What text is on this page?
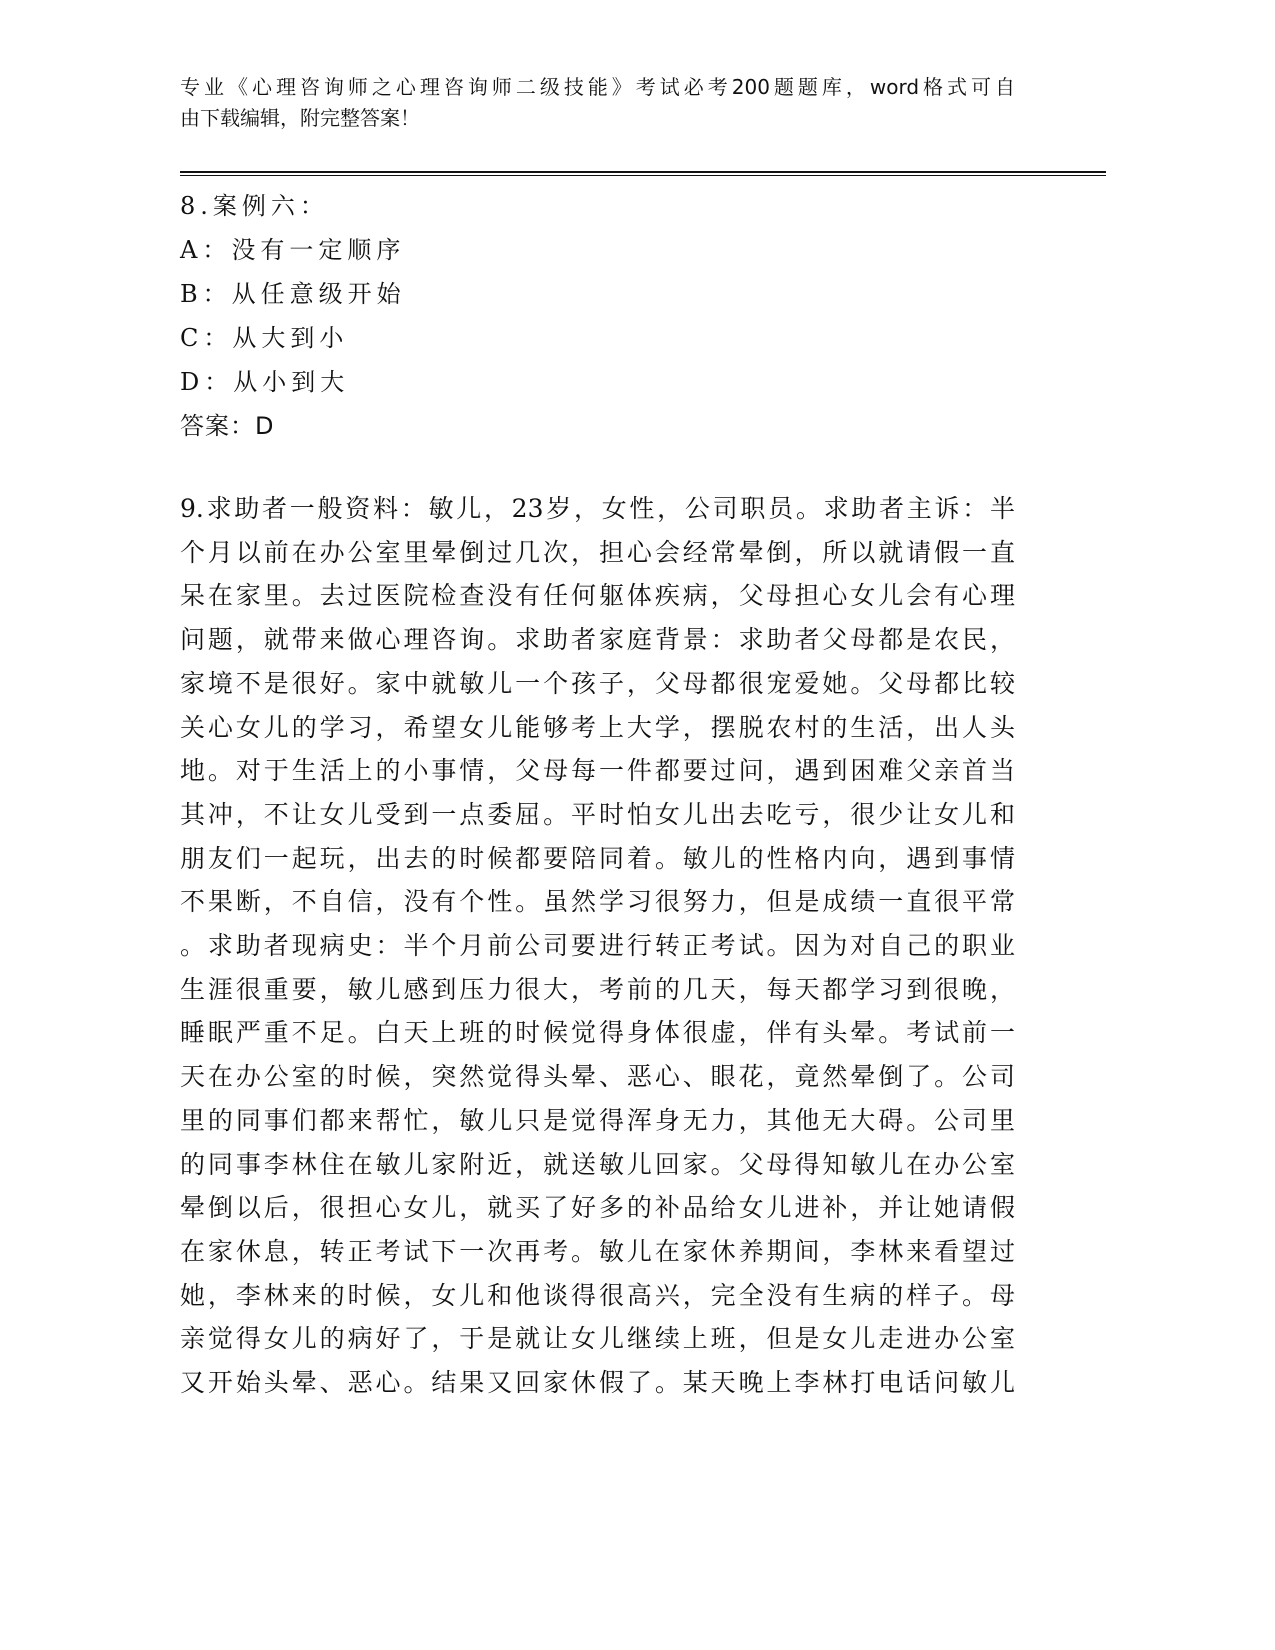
专业《心理咨询师之心理咨询师二级技能》考试必考200题题库，word格式可自
由下载编辑，附完整答案！
8.案例六：
A：没有一定顺序
B：从任意级开始
C：从大到小
D：从小到大
答案：D
9.求助者一般资料：敏儿，23岁，女性，公司职员。求助者主诉：半
个月以前在办公室里晕倒过几次，担心会经常晕倒，所以就请假一直
呆在家里。去过医院检查没有任何躯体疾病，父母担心女儿会有心理
问题，就带来做心理咨询。求助者家庭背景：求助者父母都是农民，
家境不是很好。家中就敏儿一个孩子，父母都很宠爱她。父母都比较
关心女儿的学习，希望女儿能够考上大学，摆脱农村的生活，出人头
地。对于生活上的小事情，父母每一件都要过问，遇到困难父亲首当
其冲，不让女儿受到一点委屈。平时怕女儿出去吃亏，很少让女儿和
朋友们一起玩，出去的时候都要陪同着。敏儿的性格内向，遇到事情
不果断，不自信，没有个性。虽然学习很努力，但是成绩一直很平常
。求助者现病史：半个月前公司要进行转正考试。因为对自己的职业
生涯很重要，敏儿感到压力很大，考前的几天，每天都学习到很晚，
睡眠严重不足。白天上班的时候觉得身体很虚，伴有头晕。考试前一
天在办公室的时候，突然觉得头晕、恶心、眼花，竟然晕倒了。公司
里的同事们都来帮忙，敏儿只是觉得浑身无力，其他无大碍。公司里
的同事李林住在敏儿家附近，就送敏儿回家。父母得知敏儿在办公室
晕倒以后，很担心女儿，就买了好多的补品给女儿进补，并让她请假
在家休息，转正考试下一次再考。敏儿在家休养期间，李林来看望过
她，李林来的时候，女儿和他谈得很高兴，完全没有生病的样子。母
亲觉得女儿的病好了，于是就让女儿继续上班，但是女儿走进办公室
又开始头晕、恶心。结果又回家休假了。某天晚上李林打电话问敏儿
